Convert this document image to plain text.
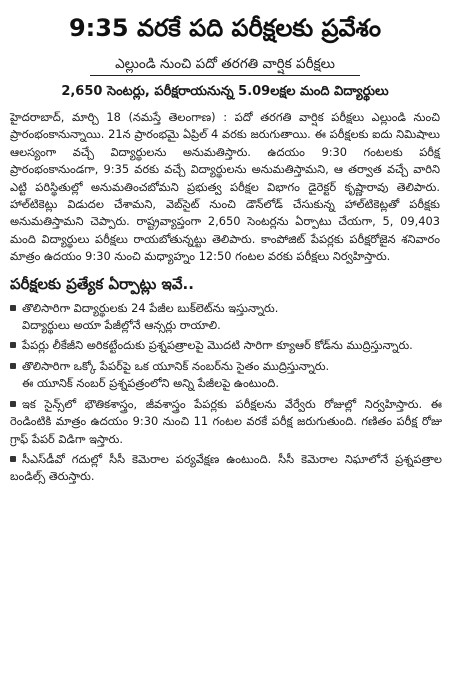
9:35 వరకే పది పరీక్షలకు ప్రవేశం
ఎల్లుండి నుంచి పదో తరగతి వార్షిక పరీక్షలు
2,650 సెంటర్లు, పరీక్షరాయనున్న 5.09లక్షల మంది విద్యార్థులు

హైదరాబాద్, మార్చి 18 (నమస్తే తెలంగాణ) : పదో తరగతి వార్షిక పరీక్షలు ఎల్లుండి నుంచి ప్రారంభంకానున్నాయి. 21న ప్రారంభమై ఏప్రిల్ 4 వరకు జరుగుతాయి. ఈ పరీక్షలకు ఐదు నిమిషాలు ఆలస్యంగా వచ్చే విద్యార్థులను అనుమతిస్తారు. ఉదయం 9:30 గంటలకు పరీక్ష ప్రారంభంకానుండగా, 9:35 వరకు వచ్చే విద్యార్థులను అనుమతిస్తామని, ఆ తర్వాత వచ్చే వారిని ఎట్టి పరిస్థితుల్లో అనుమతించబోమని ప్రభుత్వ పరీక్షల విభాగం డైరెక్టర్ కృష్ణారావు తెలిపారు. హాల్‌టికెట్లు విడుదల చేశామని, వెబ్‌సైట్ నుంచి డౌన్‌లోడ్ చేసుకున్న హాల్‌టికెట్లతో పరీక్షకు అనుమతిస్తామని చెప్పారు. రాష్ట్రవ్యాప్తంగా 2,650 సెంటర్లను ఏర్పాటు చేయగా, 5, 09,403 మంది విద్యార్థులు పరీక్షలు రాయబోతున్నట్టు తెలిపారు. కాంపోజిట్ పేపర్లకు పరీక్షరోజైన శనివారం మాత్రం ఉదయం 9:30 నుంచి మధ్యాహ్నం 12:50 గంటల వరకు పరీక్షలు నిర్వహిస్తారు.

పరీక్షలకు ప్రత్యేక ఏర్పాట్లు ఇవే..
తొలిసారిగా విద్యార్థులకు 24 పేజీల బుక్‌లెట్‌ను ఇస్తున్నారు.
విద్యార్థులు అయా పేజీల్లోనే ఆన్సర్లు రాయాలి.
పేపర్లు లీకేజీని అరికట్టేందుకు ప్రశ్నపత్రాలపై మొదటి సారిగా క్యూఆర్ కోడ్‌ను ముద్రిస్తున్నారు.
తొలిసారిగా ఒక్కో పేపర్‌పై ఒక యూనిక్ నంబర్‌ను సైతం ముద్రిస్తున్నారు.
ఈ యూనిక్ నంబర్ ప్రశ్నపత్రంలోని అన్ని పేజీలపై ఉంటుంది.
ఇక సైన్స్‌లో భౌతికశాస్త్రం, జీవశాస్త్రం పేపర్లకు పరీక్షలను వేర్వేరు రోజుల్లో నిర్వహిస్తారు. ఈ రెండింటికి మాత్రం ఉదయం 9:30 నుంచి 11 గంటల వరకే పరీక్ష జరుగుతుంది. గణితం పరీక్ష రోజు గ్రాఫ్ పేపర్ విడిగా ఇస్తారు.
సీఎస్‌డీవో గదుల్లో సీసీ కెమెరాల పర్యవేక్షణ ఉంటుంది. సీసీ కెమెరాల నిఘాలోనే ప్రశ్నపత్రాల బండిల్స్ తెరుస్తారు.
